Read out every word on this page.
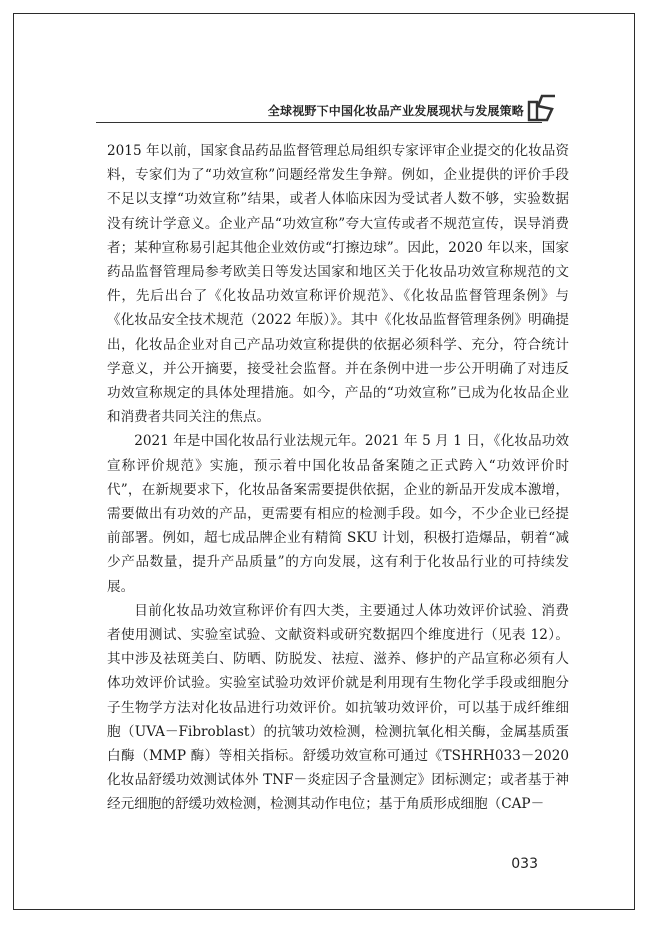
全球视野下中国化妆品产业发展现状与发展策略

2015 年以前，国家食品药品监督管理总局组织专家评审企业提交的化妆品资料，专家们为了“功效宣称”问题经常发生争辩。例如，企业提供的评价手段不足以支撑“功效宣称”结果，或者人体临床因为受试者人数不够，实验数据没有统计学意义。企业产品“功效宣称”夸大宣传或者不规范宣传，误导消费者；某种宣称易引起其他企业效仿或“打擦边球”。因此，2020 年以来，国家药品监督管理局参考欧美日等发达国家和地区关于化妆品功效宣称规范的文件，先后出台了《化妆品功效宣称评价规范》、《化妆品监督管理条例》与《化妆品安全技术规范（2022 年版）》。其中《化妆品监督管理条例》明确提出，化妆品企业对自己产品功效宣称提供的依据必须科学、充分，符合统计学意义，并公开摘要，接受社会监督。并在条例中进一步公开明确了对违反功效宣称规定的具体处理措施。如今，产品的“功效宣称”已成为化妆品企业和消费者共同关注的焦点。

2021 年是中国化妆品行业法规元年。2021 年 5 月 1 日，《化妆品功效宣称评价规范》实施，预示着中国化妆品备案随之正式跨入“功效评价时代”，在新规要求下，化妆品备案需要提供依据，企业的新品开发成本激增，需要做出有功效的产品，更需要有相应的检测手段。如今，不少企业已经提前部署。例如，超七成品牌企业有精简 SKU 计划，积极打造爆品，朝着“减少产品数量，提升产品质量”的方向发展，这有利于化妆品行业的可持续发展。

目前化妆品功效宣称评价有四大类，主要通过人体功效评价试验、消费者使用测试、实验室试验、文献资料或研究数据四个维度进行（见表 12）。其中涉及祛斑美白、防晒、防脱发、祛痘、滋养、修护的产品宣称必须有人体功效评价试验。实验室试验功效评价就是利用现有生物化学手段或细胞分子生物学方法对化妆品进行功效评价。如抗皱功效评价，可以基于成纤维细胞（UVA－Fibroblast）的抗皱功效检测，检测抗氧化相关酶，金属基质蛋白酶（MMP 酶）等相关指标。舒缓功效宣称可通过《TSHRH033－2020 化妆品舒缓功效测试体外 TNF－炎症因子含量测定》团标测定；或者基于神经元细胞的舒缓功效检测，检测其动作电位；基于角质形成细胞（CAP－

033
